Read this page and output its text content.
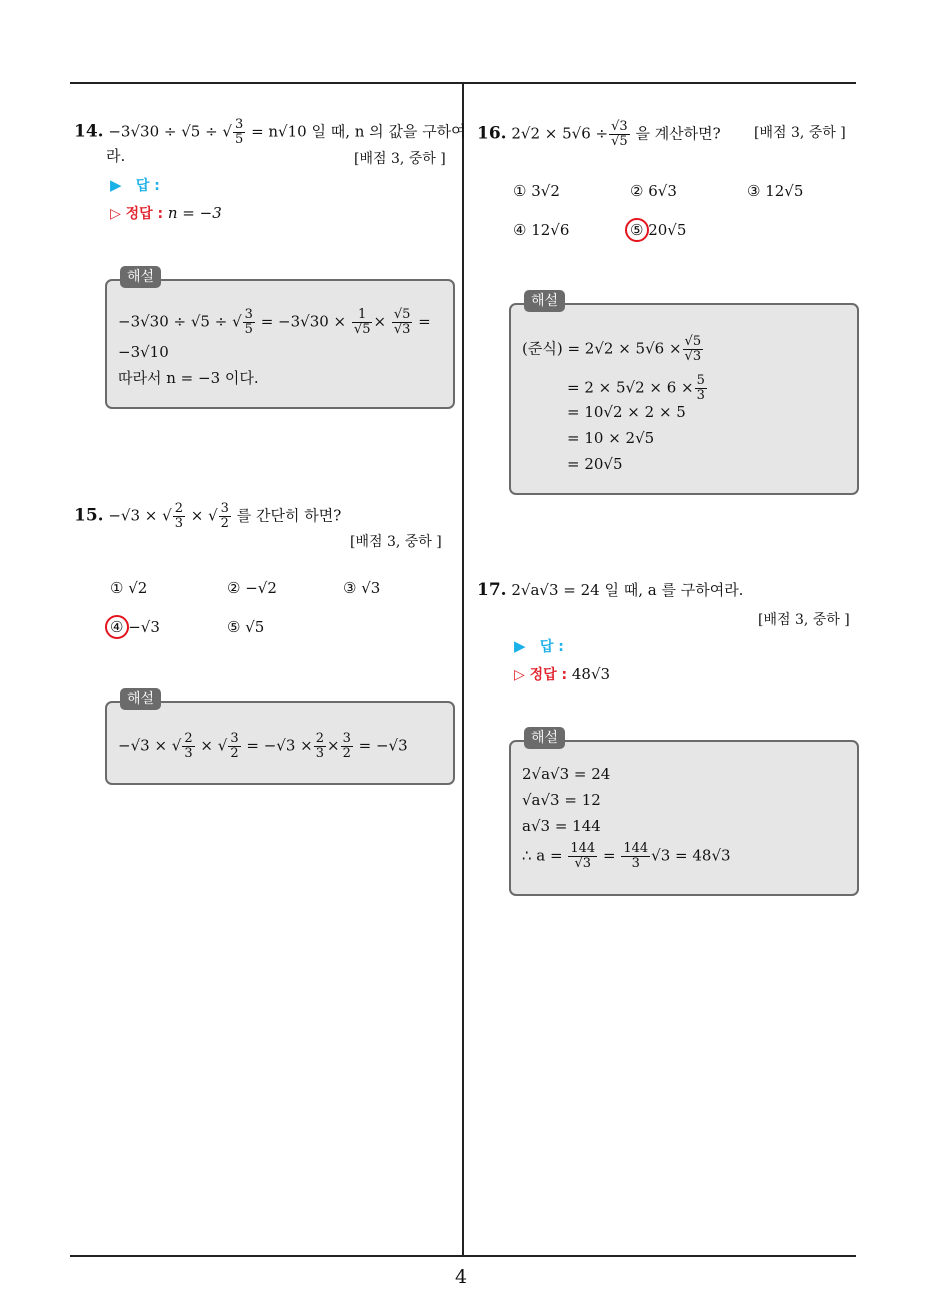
4
14. −3√30 ÷ √5 ÷ √ $\frac{3}{5} = n√10$ 일 때, n 의 값을 구하여
라.	[배점 3, 중하 ]
▶ 답 :
▷ 정답 : n = −3
해설
−3√30 ÷ √5 ÷ √ $\frac{3}{5} = -3√30 \times \frac{1}{√5} \times \frac{√5}{√3}$ =
−3√10
따라서 n = −3 이다.
15. −√3 × √ $\frac{2}{3}$ × √ $\frac{3}{2}$ 를 간단히 하면?
[배점 3, 중하 ]
① √2	② −√2	③ √3
④ −√3	⑤ √5
해설
−√3 × √ $\frac{2}{3}$ × √ $\frac{3}{2} = -√3 \times \frac{2}{3} \times \frac{3}{2} = -√3$
16. $2√2 \times 5√6 \div \frac{√3}{√5}$ 을 계산하면? [배점 3, 중하 ]
① 3√2	② 6√3	③ 12√5
④ 12√6	⑤ 20√5
해설
(준식) = $2√2 \times 5√6 \times \frac{√5}{√3}$
= $2 \times 5√2 \times 6 \times \frac{5}{3}$
= 10√2 × 2 × 5
= 10 × 2√5
= 20√5
17. 2√a√3 = 24 일 때, a 를 구하여라.
[배점 3, 중하 ]
▶ 답 :
▷ 정답 : 48√3
해설
2√a√3 = 24
√a√3 = 12
a√3 = 144
∴ $a = \frac{144}{√3} = \frac{144}{3} √3 = 48√3$
